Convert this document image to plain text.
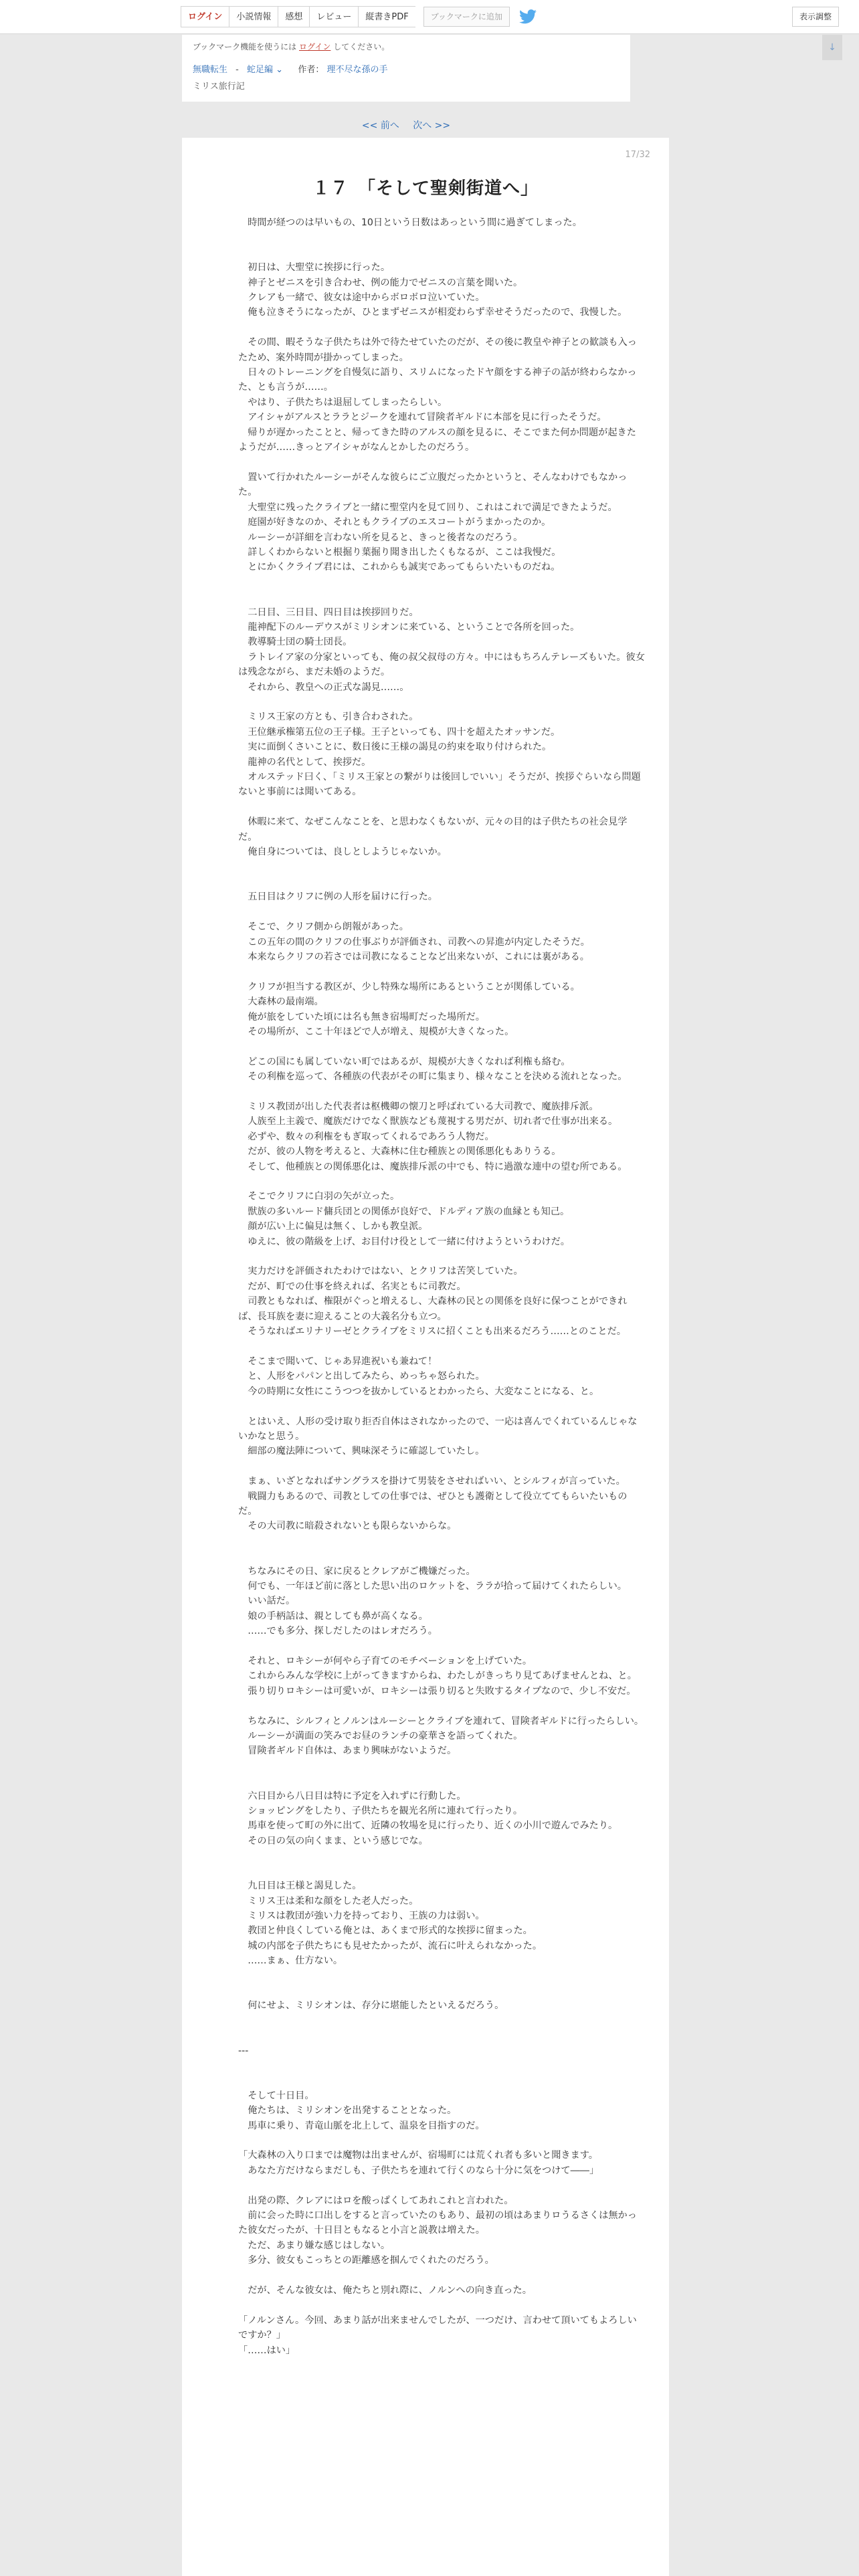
ログイン	小説情報	感想	レビュー	縦書きPDF	ブックマークに追加	表示調整
ブックマーク機能を使うには ログイン してください。
無職転生 - 蛇足編 ⌄ 作者： 理不尽な孫の手
ミリス旅行記
↓
<< 前へ 次へ >>
17/32
１７　「そして聖剣街道へ」

　時間が経つのは早いもの、10日という日数はあっという間に過ぎてしまった。

　初日は、大聖堂に挨拶に行った。

　神子とゼニスを引き合わせ、例の能力でゼニスの言葉を聞いた。

　クレアも一緒で、彼女は途中からボロボロ泣いていた。

　俺も泣きそうになったが、ひとまずゼニスが相変わらず幸せそうだったので、我慢した。

　その間、暇そうな子供たちは外で待たせていたのだが、その後に教皇や神子との歓談も入ったため、案外時間が掛かってしまった。

　日々のトレーニングを自慢気に語り、スリムになったドヤ顔をする神子の話が終わらなかった、とも言うが……。

　やはり、子供たちは退屈してしまったらしい。

　アイシャがアルスとララとジークを連れて冒険者ギルドに本部を見に行ったそうだ。

　帰りが遅かったことと、帰ってきた時のアルスの顔を見るに、そこでまた何か問題が起きたようだが……きっとアイシャがなんとかしたのだろう。

　置いて行かれたルーシーがそんな彼らにご立腹だったかというと、そんなわけでもなかった。

　大聖堂に残ったクライブと一緒に聖堂内を見て回り、これはこれで満足できたようだ。

　庭園が好きなのか、それともクライブのエスコートがうまかったのか。

　ルーシーが詳細を言わない所を見ると、きっと後者なのだろう。

　詳しくわからないと根掘り葉掘り聞き出したくもなるが、ここは我慢だ。

　とにかくクライブ君には、これからも誠実であってもらいたいものだね。

　二日目、三日目、四日目は挨拶回りだ。

　龍神配下のルーデウスがミリシオンに来ている、ということで各所を回った。

　教導騎士団の騎士団長。

　ラトレイア家の分家といっても、俺の叔父叔母の方々。中にはもちろんテレーズもいた。彼女は残念ながら、まだ未婚のようだ。

　それから、教皇への正式な謁見……。

　ミリス王家の方とも、引き合わされた。

　王位継承権第五位の王子様。王子といっても、四十を超えたオッサンだ。

　実に面倒くさいことに、数日後に王様の謁見の約束を取り付けられた。

　龍神の名代として、挨拶だ。

　オルステッド曰く、「ミリス王家との繋がりは後回しでいい」そうだが、挨拶ぐらいなら問題ないと事前には聞いてある。

　休暇に来て、なぜこんなことを、と思わなくもないが、元々の目的は子供たちの社会見学だ。

　俺自身については、良しとしようじゃないか。

　五日目はクリフに例の人形を届けに行った。

　そこで、クリフ側から朗報があった。

　この五年の間のクリフの仕事ぶりが評価され、司教への昇進が内定したそうだ。

　本来ならクリフの若さでは司教になることなど出来ないが、これには裏がある。

　クリフが担当する教区が、少し特殊な場所にあるということが関係している。

　大森林の最南端。

　俺が旅をしていた頃には名も無き宿場町だった場所だ。

　その場所が、ここ十年ほどで人が増え、規模が大きくなった。

　どこの国にも属していない町ではあるが、規模が大きくなれば利権も絡む。

　その利権を巡って、各種族の代表がその町に集まり、様々なことを決める流れとなった。

　ミリス教団が出した代表者は枢機卿の懐刀と呼ばれている大司教で、魔族排斥派。

　人族至上主義で、魔族だけでなく獣族なども蔑視する男だが、切れ者で仕事が出来る。

　必ずや、数々の利権をもぎ取ってくれるであろう人物だ。

　だが、彼の人物を考えると、大森林に住む種族との関係悪化もありうる。

　そして、他種族との関係悪化は、魔族排斥派の中でも、特に過激な連中の望む所である。

　そこでクリフに白羽の矢が立った。

　獣族の多いルード傭兵団との関係が良好で、ドルディア族の血縁とも知己。

　顔が広い上に偏見は無く、しかも教皇派。

　ゆえに、彼の階級を上げ、お目付け役として一緒に付けようというわけだ。

　実力だけを評価されたわけではない、とクリフは苦笑していた。

　だが、町での仕事を終えれば、名実ともに司教だ。

　司教ともなれば、権限がぐっと増えるし、大森林の民との関係を良好に保つことができれば、長耳族を妻に迎えることの大義名分も立つ。

　そうなればエリナリーゼとクライブをミリスに招くことも出来るだろう……とのことだ。

　そこまで聞いて、じゃあ昇進祝いも兼ねて！

　と、人形をパパンと出してみたら、めっちゃ怒られた。

　今の時期に女性にこうつつを抜かしているとわかったら、大変なことになる、と。

　とはいえ、人形の受け取り拒否自体はされなかったので、一応は喜んでくれているんじゃないかなと思う。

　細部の魔法陣について、興味深そうに確認していたし。

　まぁ、いざとなればサングラスを掛けて男装をさせればいい、とシルフィが言っていた。

　戦闘力もあるので、司教としての仕事では、ぜひとも護衛として役立ててもらいたいものだ。

　その大司教に暗殺されないとも限らないからな。

　ちなみにその日、家に戻るとクレアがご機嫌だった。

　何でも、一年ほど前に落とした思い出のロケットを、ララが拾って届けてくれたらしい。

　いい話だ。

　娘の手柄話は、親としても鼻が高くなる。

　……でも多分、探しだしたのはレオだろう。

　それと、ロキシーが何やら子育てのモチベーションを上げていた。

　これからみんな学校に上がってきますからね、わたしがきっちり見てあげませんとね、と。

　張り切りロキシーは可愛いが、ロキシーは張り切ると失敗するタイプなので、少し不安だ。

　ちなみに、シルフィとノルンはルーシーとクライブを連れて、冒険者ギルドに行ったらしい。

　ルーシーが満面の笑みでお昼のランチの豪華さを語ってくれた。

　冒険者ギルド自体は、あまり興味がないようだ。

　六日目から八日目は特に予定を入れずに行動した。

　ショッピングをしたり、子供たちを観光名所に連れて行ったり。

　馬車を使って町の外に出て、近隣の牧場を見に行ったり、近くの小川で遊んでみたり。

　その日の気の向くまま、という感じでな。

　九日目は王様と謁見した。

　ミリス王は柔和な顔をした老人だった。

　ミリスは教団が強い力を持っており、王族の力は弱い。

　教団と仲良くしている俺とは、あくまで形式的な挨拶に留まった。

　城の内部を子供たちにも見せたかったが、流石に叶えられなかった。

　……まぁ、仕方ない。

　何にせよ、ミリシオンは、存分に堪能したといえるだろう。

---

　そして十日目。

　俺たちは、ミリシオンを出発することとなった。

　馬車に乗り、青竜山脈を北上して、温泉を目指すのだ。

「大森林の入り口までは魔物は出ませんが、宿場町には荒くれ者も多いと聞きます。

　あなた方だけならまだしも、子供たちを連れて行くのなら十分に気をつけて――」

　出発の際、クレアにはロを酸っぱくしてあれこれと言われた。

　前に会った時に口出しをすると言っていたのもあり、最初の頃はあまりロうるさくは無かった彼女だったが、十日目ともなると小言と説教は増えた。

　ただ、あまり嫌な感じはしない。

　多分、彼女もこっちとの距離感を掴んでくれたのだろう。

　だが、そんな彼女は、俺たちと別れ際に、ノルンへの向き直った。

「ノルンさん。今回、あまり話が出来ませんでしたが、一つだけ、言わせて頂いてもよろしいですか？」

「……はい」
